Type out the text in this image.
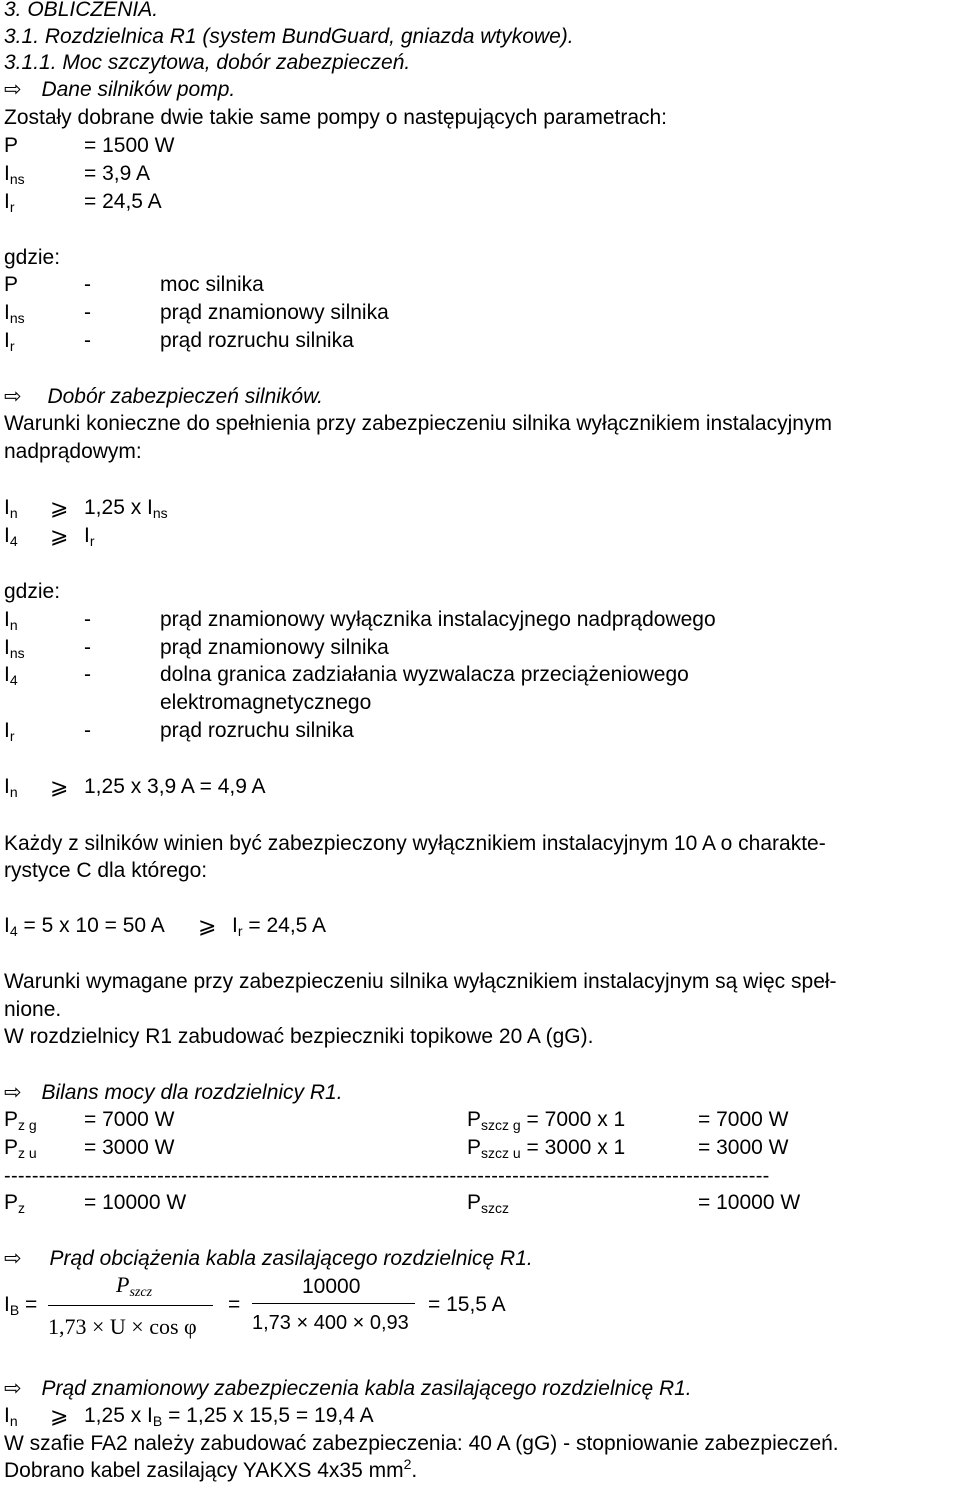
3. OBLICZENIA.
3.1. Rozdzielnica R1 (system BundGuard, gniazda wtykowe).
3.1.1. Moc szczytowa, dobór zabezpieczeń.
⇨ Dane silników pomp.
Zostały dobrane dwie takie same pompy o następujących parametrach:
P	= 1500 W
$I_{ns}$	= 3,9 A
$I_r$	= 24,5 A
gdzie:
P	-	moc silnika
$I_{ns}$	-	prąd znamionowy silnika
$I_r$	-	prąd rozruchu silnika
⇨ Dobór zabezpieczeń silników.
Warunki konieczne do spełnienia przy zabezpieczeniu silnika wyłącznikiem instalacyjnym
nadprądowym:
$I_n$ ⩾ 1,25 x $I_{ns}$
$I_4$ ⩾ $I_r$
gdzie:
$I_n$	-	prąd znamionowy wyłącznika instalacyjnego nadprądowego
$I_{ns}$	-	prąd znamionowy silnika
$I_4$	-	dolna granica zadziałania wyzwalacza przeciążeniowego
elektromagnetycznego
$I_r$	-	prąd rozruchu silnika
$I_n$ ⩾ 1,25 x 3,9 A = 4,9 A
Każdy z silników winien być zabezpieczony wyłącznikiem instalacyjnym 10 A o charakte-
rystyce C dla którego:
$I_4 = 5$ x 10 = 50 A ⩾ $I_r = 24,5$ A
Warunki wymagane przy zabezpieczeniu silnika wyłącznikiem instalacyjnym są więc speł-
nione.
W rozdzielnicy R1 zabudować bezpieczniki topikowe 20 A (gG).
⇨ Bilans mocy dla rozdzielnicy R1.
$P_{z g} = 7000$ W	$P_{szcz g} = 7000$ x 1	= 7000 W
$P_{z u} = 3000$ W	$P_{szcz u} = 3000$ x 1	= 3000 W
--------------------------------------------------------------------------------------------------------------
$P_z$	= 10000 W	$P_{szcz}$	= 10000 W
⇨ Prąd obciążenia kabla zasilającego rozdzielnicę R1.
$I_B$ =
$P_{szcz}$
1,73 × U × cos φ
=
10000
1,73 × 400 × 0,93
= 15,5 A
⇨ Prąd znamionowy zabezpieczenia kabla zasilającego rozdzielnicę R1.
$I_n$ ⩾ 1,25 x $I_B = 1,25$ x 15,5 = 19,4 A
W szafie FA2 należy zabudować zabezpieczenia: 40 A (gG) - stopniowanie zabezpieczeń.
Dobrano kabel zasilający YAKXS 4x35 $mm^2$.
